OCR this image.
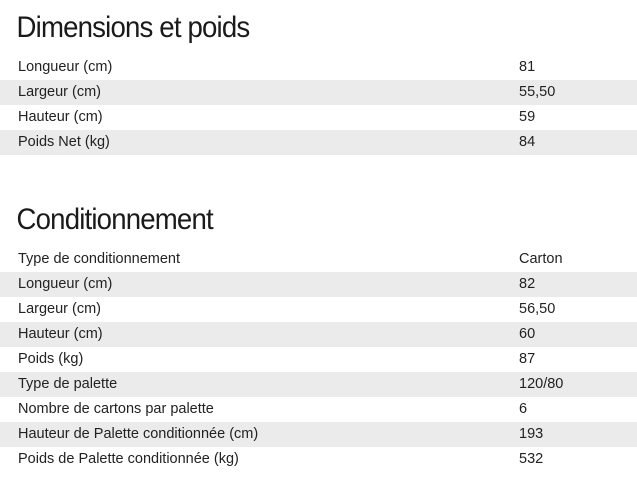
Dimensions et poids
Longueur (cm)	81
Largeur (cm)	55,50
Hauteur (cm)	59
Poids Net (kg)	84
Conditionnement
Type de conditionnement	Carton
Longueur (cm)	82
Largeur (cm)	56,50
Hauteur (cm)	60
Poids (kg)	87
Type de palette	120/80
Nombre de cartons par palette	6
Hauteur de Palette conditionnée (cm)	193
Poids de Palette conditionnée (kg)	532
